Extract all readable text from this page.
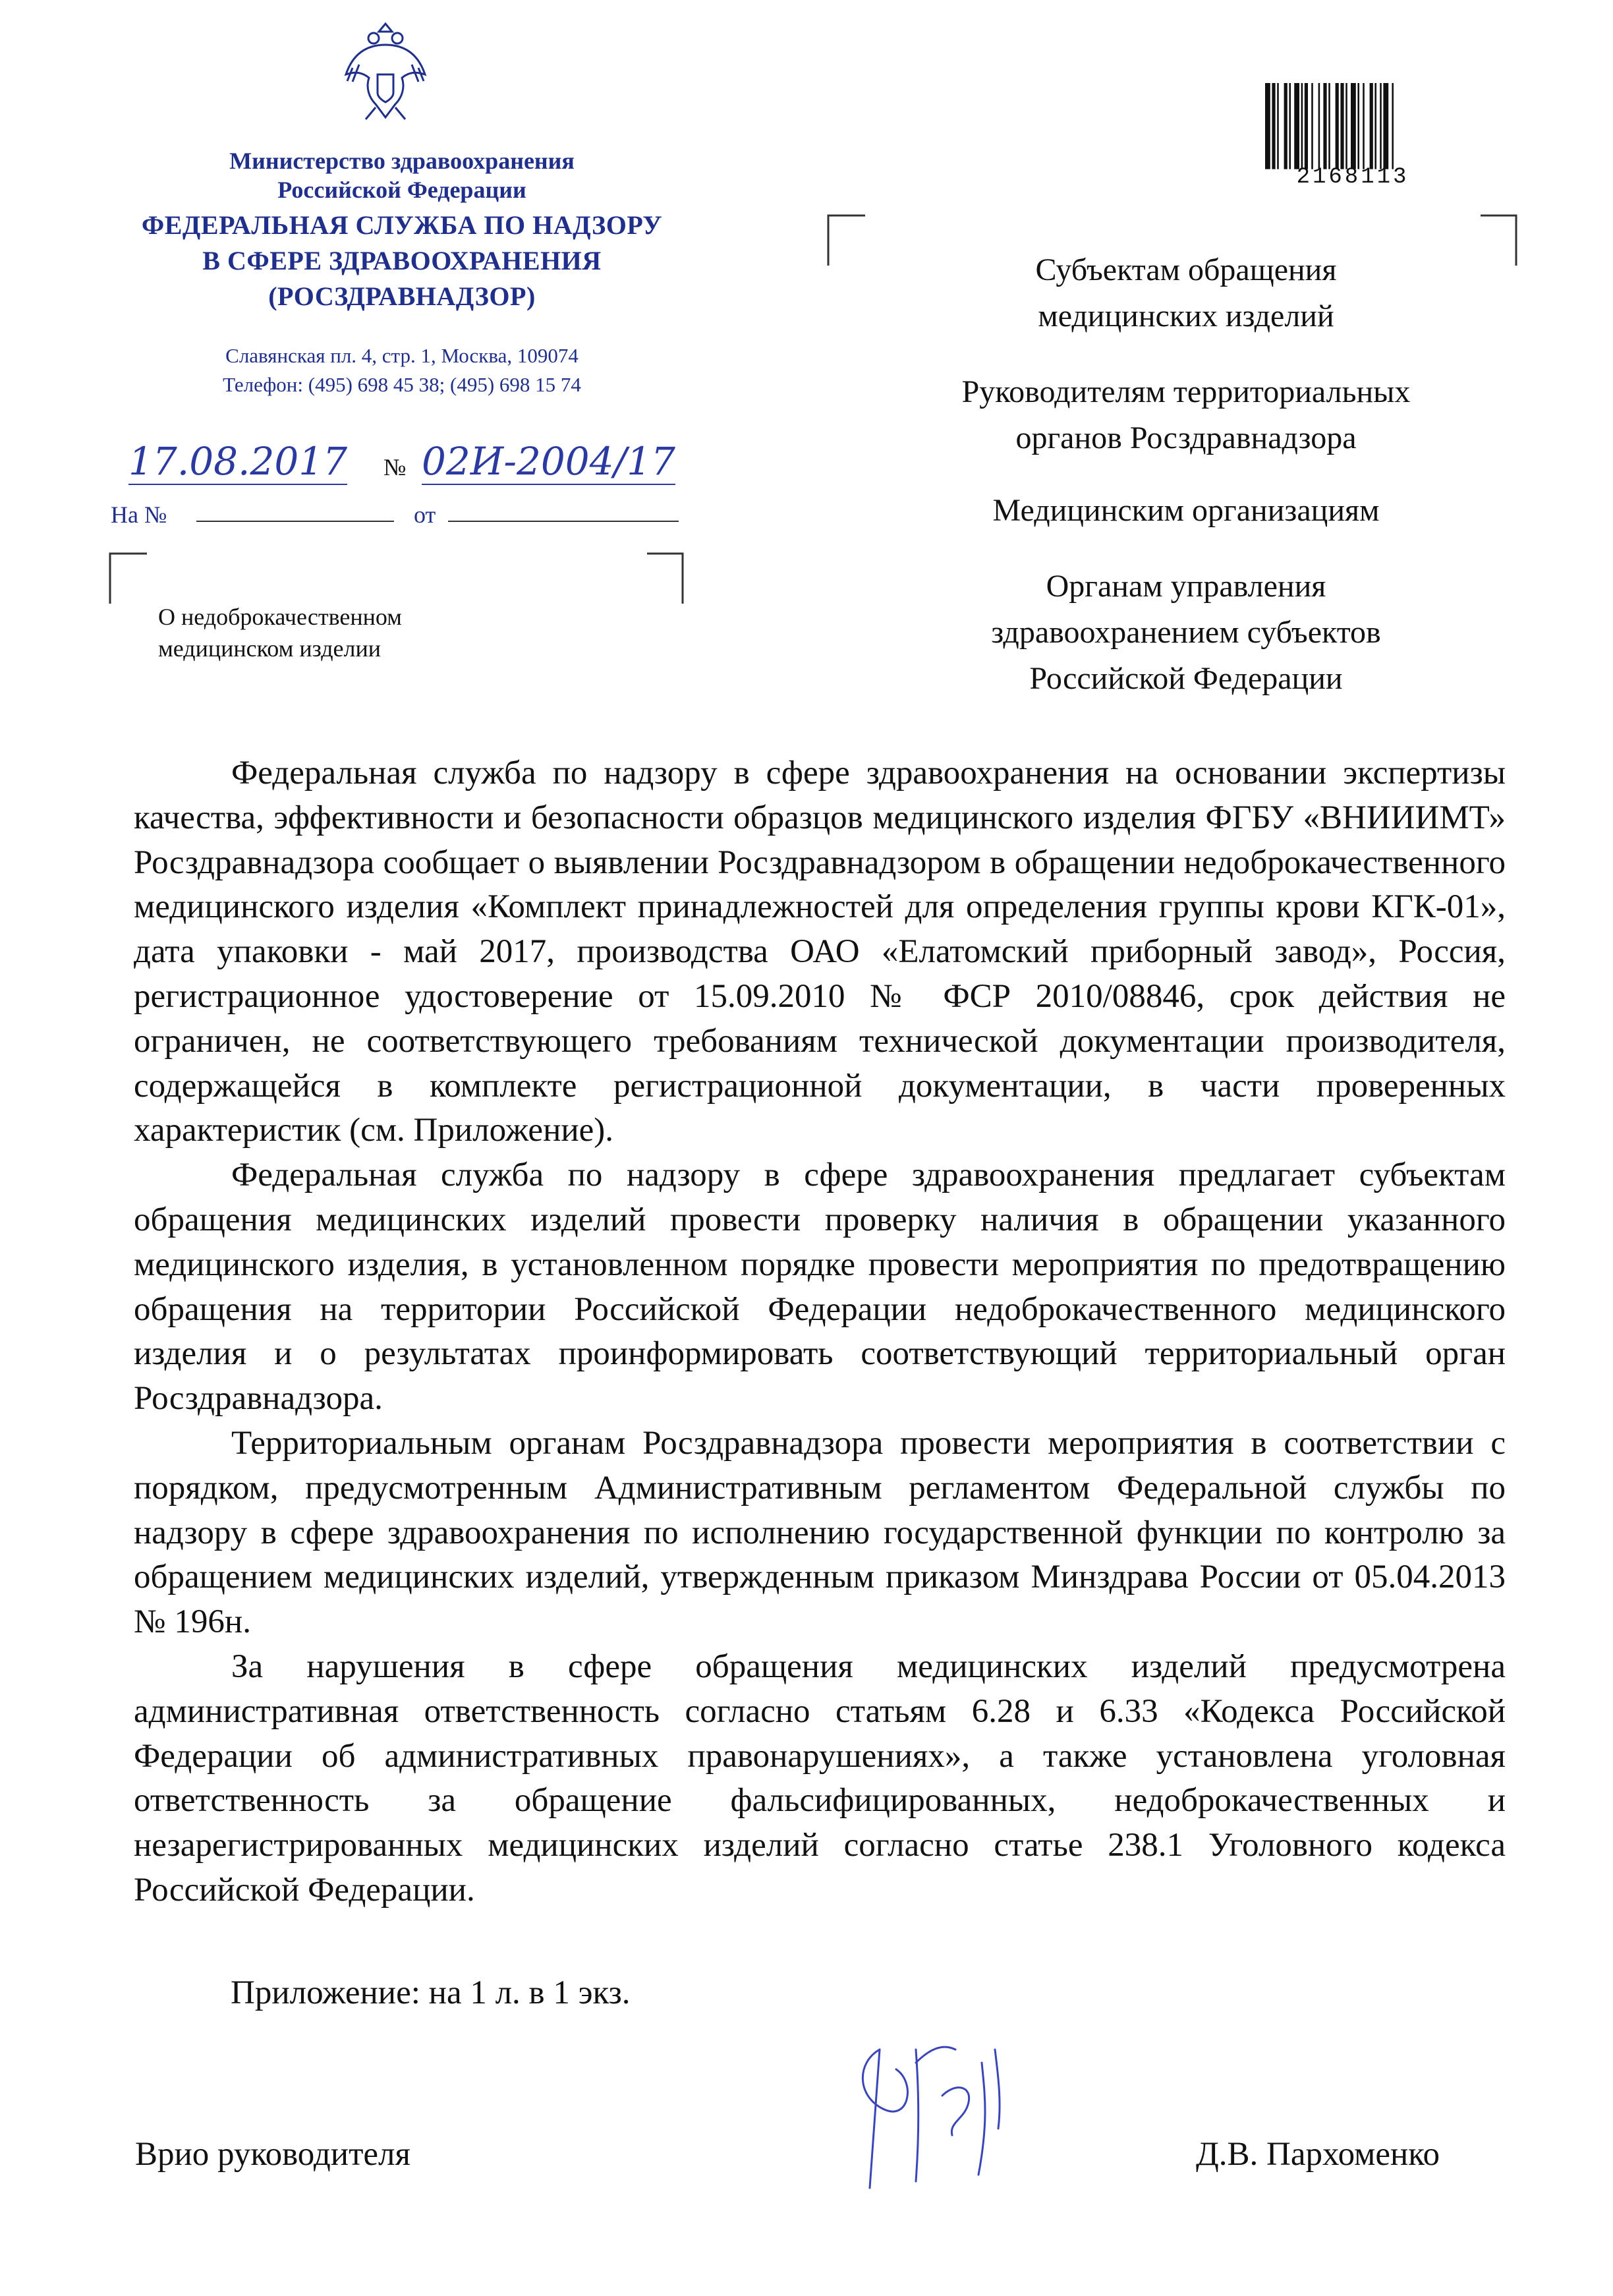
Министерство здравоохранения
Российской Федерации
ФЕДЕРАЛЬНАЯ СЛУЖБА ПО НАДЗОРУ
В СФЕРЕ ЗДРАВООХРАНЕНИЯ
(РОСЗДРАВНАДЗОР)
Славянская пл. 4, стр. 1, Москва, 109074
Телефон: (495) 698 45 38; (495) 698 15 74
2168113
17.08.2017 № 02И-2004/17
На №	от
О недоброкачественном
медицинском изделии
Субъектам обращения
медицинских изделий
Руководителям территориальных
органов Росздравнадзора
Медицинским организациям
Органам управления
здравоохранением субъектов
Российской Федерации

Федеральная служба по надзору в сфере здравоохранения на основании экспертизы качества, эффективности и безопасности образцов медицинского изделия ФГБУ «ВНИИИМТ» Росздравнадзора сообщает о выявлении Росздравнадзором в обращении недоброкачественного медицинского изделия «Комплект принадлежностей для определения группы крови КГК-01», дата упаковки - май 2017, производства ОАО «Елатомский приборный завод», Россия, регистрационное удостоверение от 15.09.2010 № ФСР 2010/08846, срок действия не ограничен, не соответствующего требованиям технической документации производителя, содержащейся в комплекте регистрационной документации, в части проверенных характеристик (см. Приложение).

Федеральная служба по надзору в сфере здравоохранения предлагает субъектам обращения медицинских изделий провести проверку наличия в обращении указанного медицинского изделия, в установленном порядке провести мероприятия по предотвращению обращения на территории Российской Федерации недоброкачественного медицинского изделия и о результатах проинформировать соответствующий территориальный орган Росздравнадзора.

Территориальным органам Росздравнадзора провести мероприятия в соответствии с порядком, предусмотренным Административным регламентом Федеральной службы по надзору в сфере здравоохранения по исполнению государственной функции по контролю за обращением медицинских изделий, утвержденным приказом Минздрава России от 05.04.2013 № 196н.

За нарушения в сфере обращения медицинских изделий предусмотрена административная ответственность согласно статьям 6.28 и 6.33 «Кодекса Российской Федерации об административных правонарушениях», а также установлена уголовная ответственность за обращение фальсифицированных, недоброкачественных и незарегистрированных медицинских изделий согласно статье 238.1 Уголовного кодекса Российской Федерации.

Приложение: на 1 л. в 1 экз.
Врио руководителя	Д.В. Пархоменко
